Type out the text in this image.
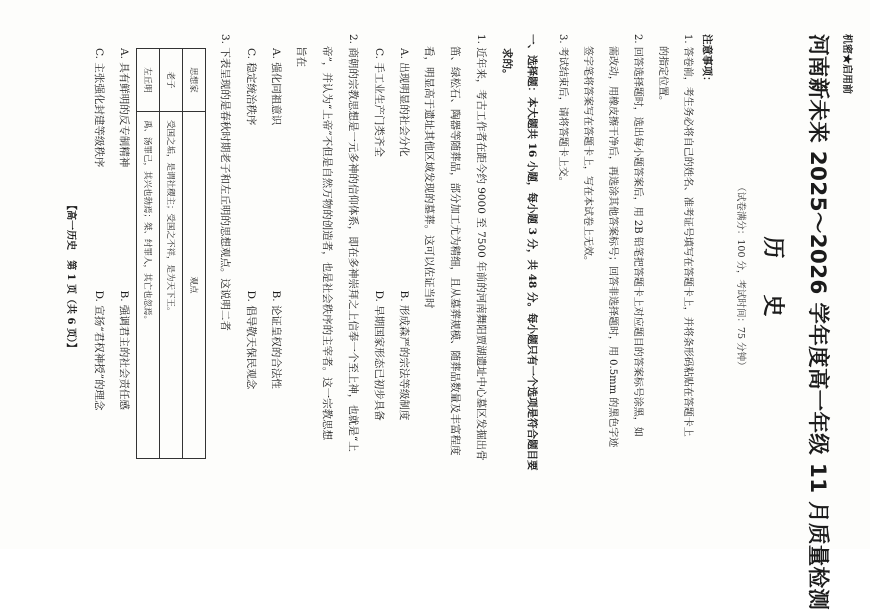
机密★启用前
河南新未来 2025～2026 学年度高一年级 11 月质量检测
历史
（试卷满分：100 分，考试时间：75 分钟）
注意事项：
1. 答卷前，考生务必将自己的姓名、准考证号填写在答题卡上，并将条形码粘贴在答题卡上
的指定位置。
2. 回答选择题时，选出每小题答案后，用 2B 铅笔把答题卡上对应题目的答案标号涂黑，如
需改动，用橡皮擦干净后，再选涂其他答案标号；回答非选择题时，用 0.5mm 的黑色字迹
签字笔将答案写在答题卡上，写在本试卷上无效。
3. 考试结束后，请将答题卡上交。
一、选择题：本大题共 16 小题，每小题 3 分，共 48 分。每小题只有一个选项是符合题目要
求的。
1. 近年来，考古工作者在距今约 9000 至 7500 年前的河南舞阳贾湖遗址中心墓区发掘出骨
笛、绿松石、陶器等随葬品，部分加工尤为精细，且从墓葬规模、随葬品数量及丰富程度
看，明显高于遗址其他区域发现的墓葬。这可以佐证当时
A. 出现明显的社会分化
B. 形成森严的宗法等级制度
C. 手工业生产门类齐全
D. 早期国家形态已初步具备
2. 商朝的宗教思想是一元多神的信仰体系，即在多神崇拜之上信奉一个至上神，也就是“上
帝”，并认为“上帝”不但是自然万物的创造者，也是社会秩序的主宰者。这一宗教思想
旨在
A. 强化同祖意识
B. 论证皇权的合法性
C. 稳定统治秩序
D. 倡导敬天保民观念
3. 下表呈现的是春秋时期老子和左丘明的思想观点。这说明二者
思想家	观点
老子	受国之垢，是谓社稷主；受国之不祥，是为天下王。
左丘明	禹、汤罪己，其兴也勃焉；桀、纣罪人，其亡也忽焉。
A. 具有鲜明的反专制精神
B. 强调君主的社会责任感
C. 主张强化封建等级秩序
D. 宣扬“君权神授”的理念
【高一历史　第 1 页（共 6 页）】
